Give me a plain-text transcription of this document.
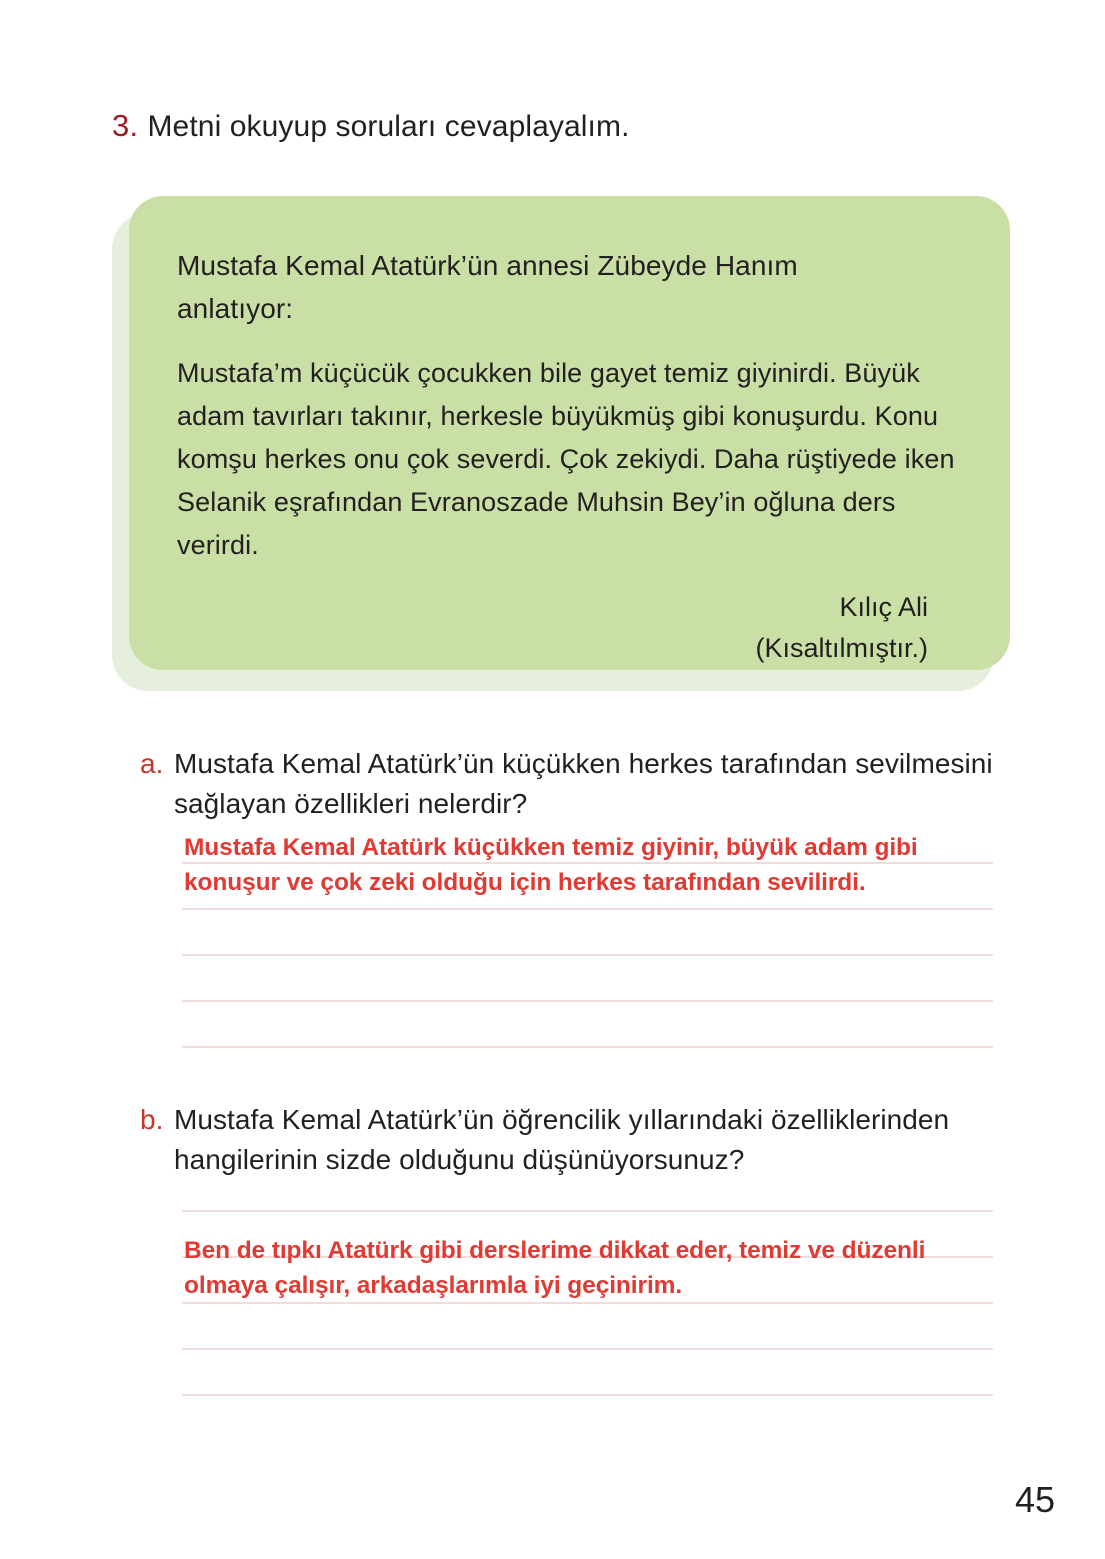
3. Metni okuyup soruları cevaplayalım.

Mustafa Kemal Atatürk’ün annesi Zübeyde Hanım anlatıyor:

Mustafa’m küçücük çocukken bile gayet temiz giyinirdi. Büyük adam tavırları takınır, herkesle büyükmüş gibi konuşurdu. Konu komşu herkes onu çok severdi. Çok zekiydi. Daha rüştiyede iken Selanik eşrafından Evranoszade Muhsin Bey’in oğluna ders verirdi.

Kılıç Ali
(Kısaltılmıştır.)
a. Mustafa Kemal Atatürk’ün küçükken herkes tarafından sevilmesini sağlayan özellikleri nelerdir?
Mustafa Kemal Atatürk küçükken temiz giyinir, büyük adam gibi konuşur ve çok zeki olduğu için herkes tarafından sevilirdi.
b. Mustafa Kemal Atatürk’ün öğrencilik yıllarındaki özelliklerinden hangilerinin sizde olduğunu düşünüyorsunuz?
Ben de tıpkı Atatürk gibi derslerime dikkat eder, temiz ve düzenli olmaya çalışır, arkadaşlarımla iyi geçinirim.
45
